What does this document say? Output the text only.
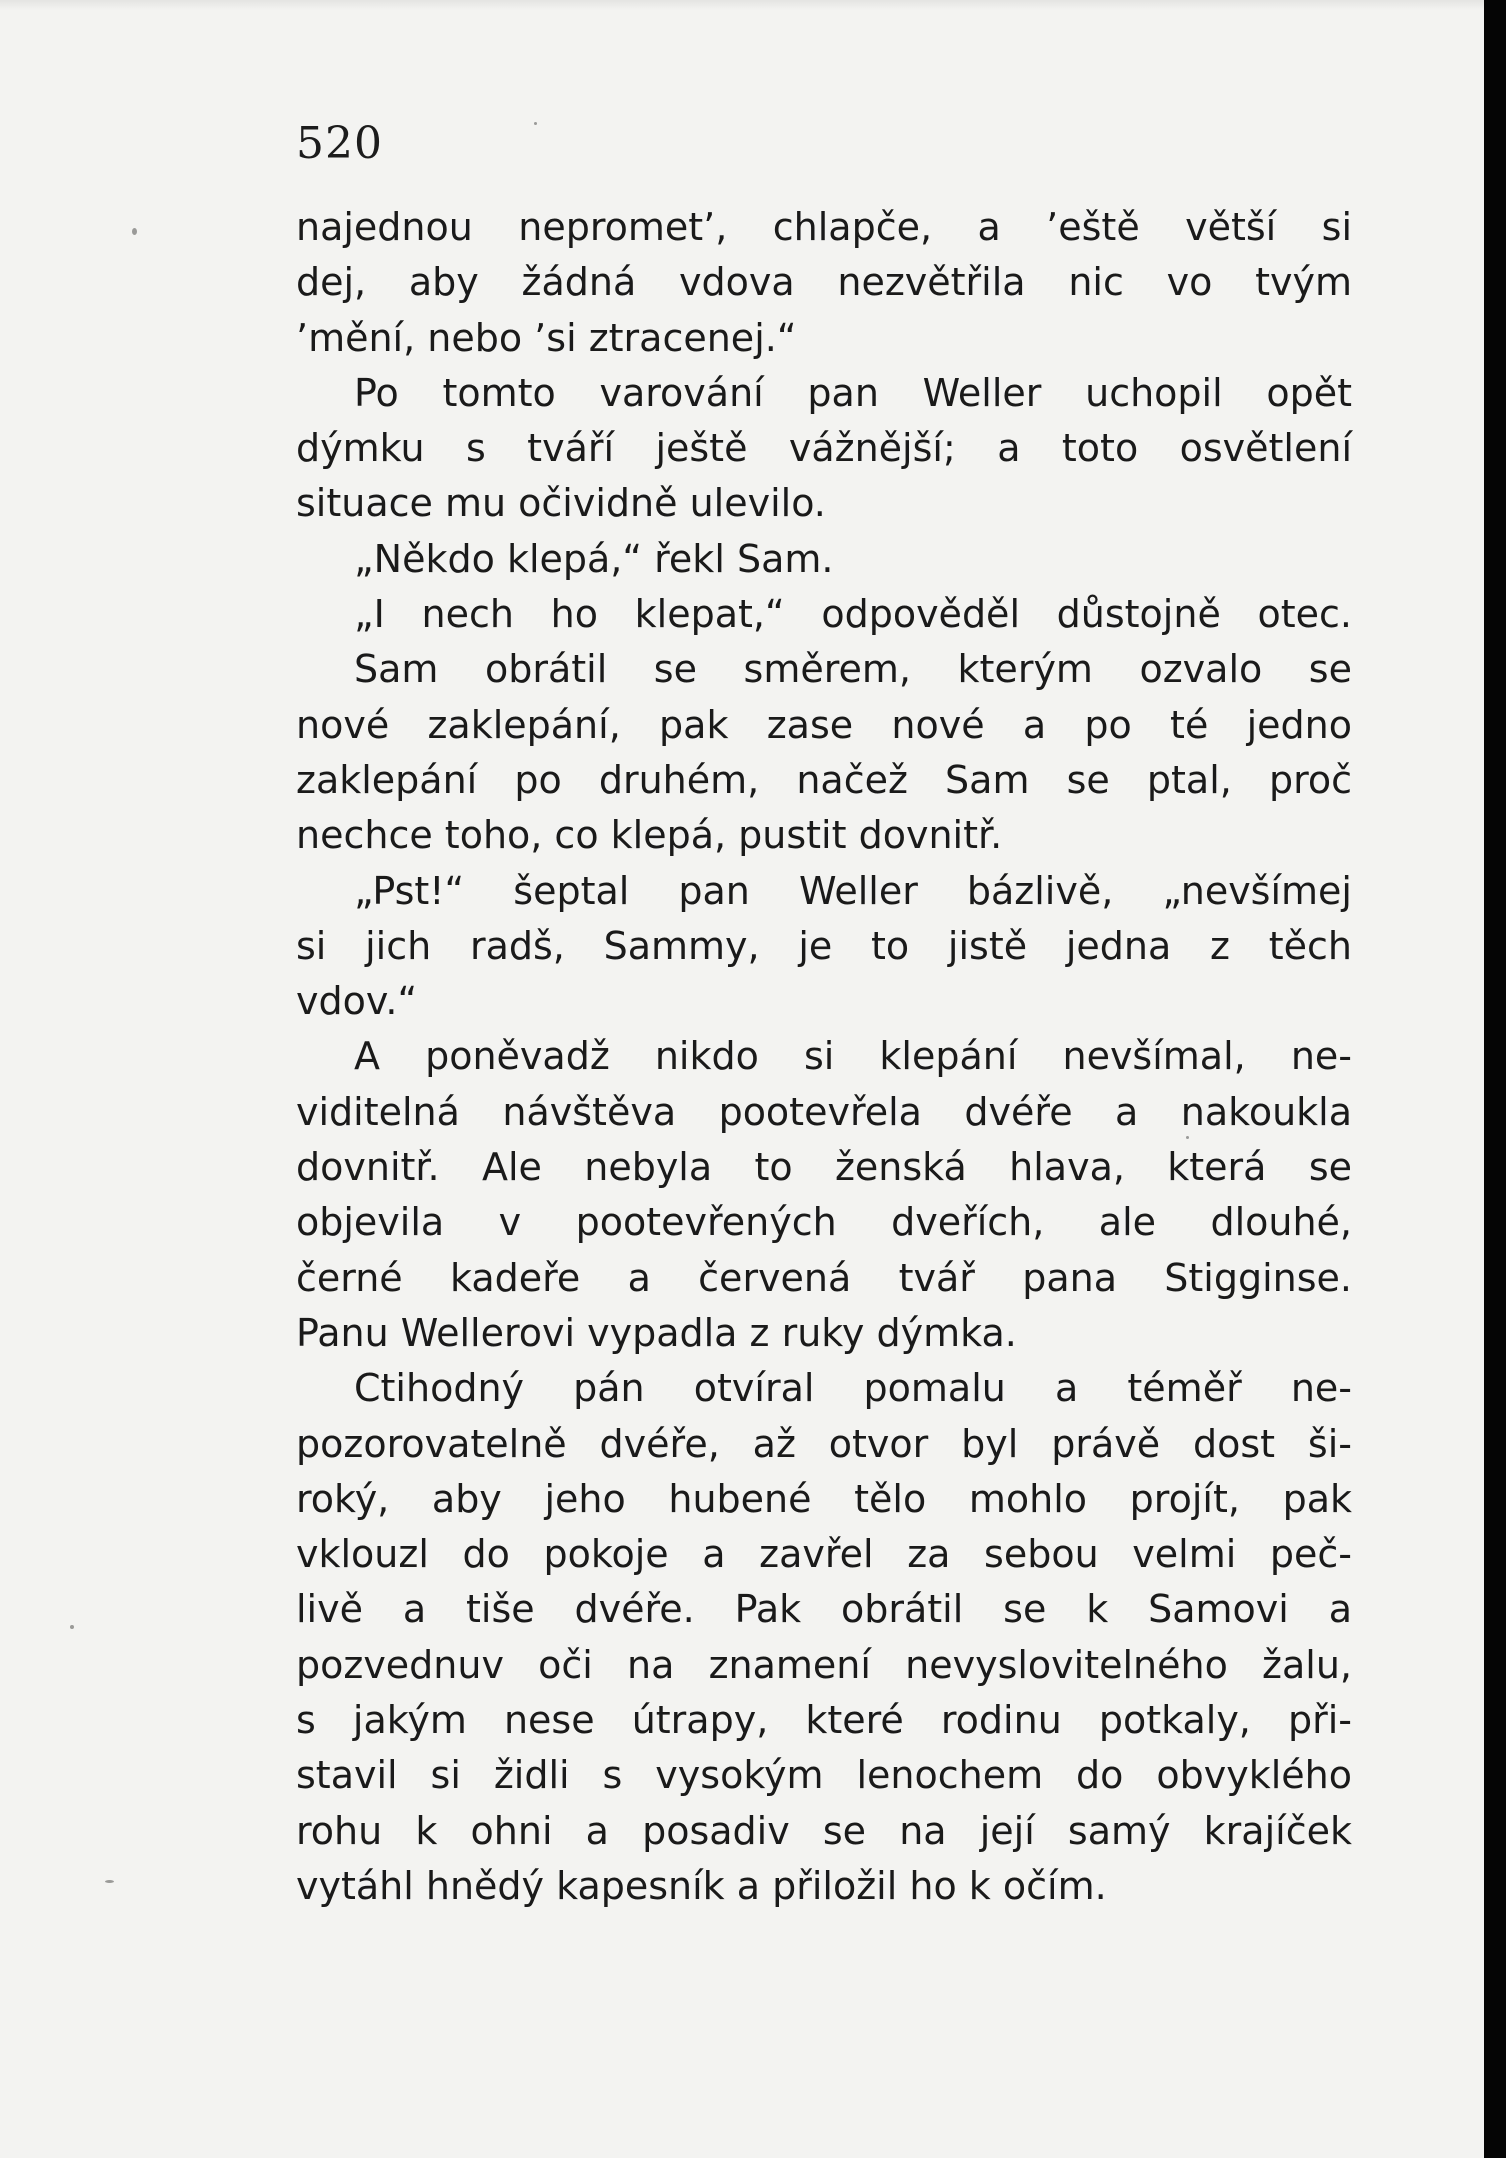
520
najednou nepromet’, chlapče, a ’eště větší si
dej, aby žádná vdova nezvětřila nic vo tvým
’mění, nebo ’si ztracenej.“
Po tomto varování pan Weller uchopil opět
dýmku s tváří ještě vážnější; a toto osvětlení
situace mu očividně ulevilo.
„Někdo klepá,“ řekl Sam.
„I nech ho klepat,“ odpověděl důstojně otec.
Sam obrátil se směrem, kterým ozvalo se
nové zaklepání, pak zase nové a po té jedno
zaklepání po druhém, načež Sam se ptal, proč
nechce toho, co klepá, pustit dovnitř.
„Pst!“ šeptal pan Weller bázlivě, „nevšímej
si jich radš, Sammy, je to jistě jedna z těch
vdov.“
A poněvadž nikdo si klepání nevšímal, ne-
viditelná návštěva pootevřela dvéře a nakoukla
dovnitř. Ale nebyla to ženská hlava, která se
objevila v pootevřených dveřích, ale dlouhé,
černé kadeře a červená tvář pana Stigginse.
Panu Wellerovi vypadla z ruky dýmka.
Ctihodný pán otvíral pomalu a téměř ne-
pozorovatelně dvéře, až otvor byl právě dost ši-
roký, aby jeho hubené tělo mohlo projít, pak
vklouzl do pokoje a zavřel za sebou velmi peč-
livě a tiše dvéře. Pak obrátil se k Samovi a
pozvednuv oči na znamení nevyslovitelného žalu,
s jakým nese útrapy, které rodinu potkaly, při-
stavil si židli s vysokým lenochem do obvyklého
rohu k ohni a posadiv se na její samý krajíček
vytáhl hnědý kapesník a přiložil ho k očím.
